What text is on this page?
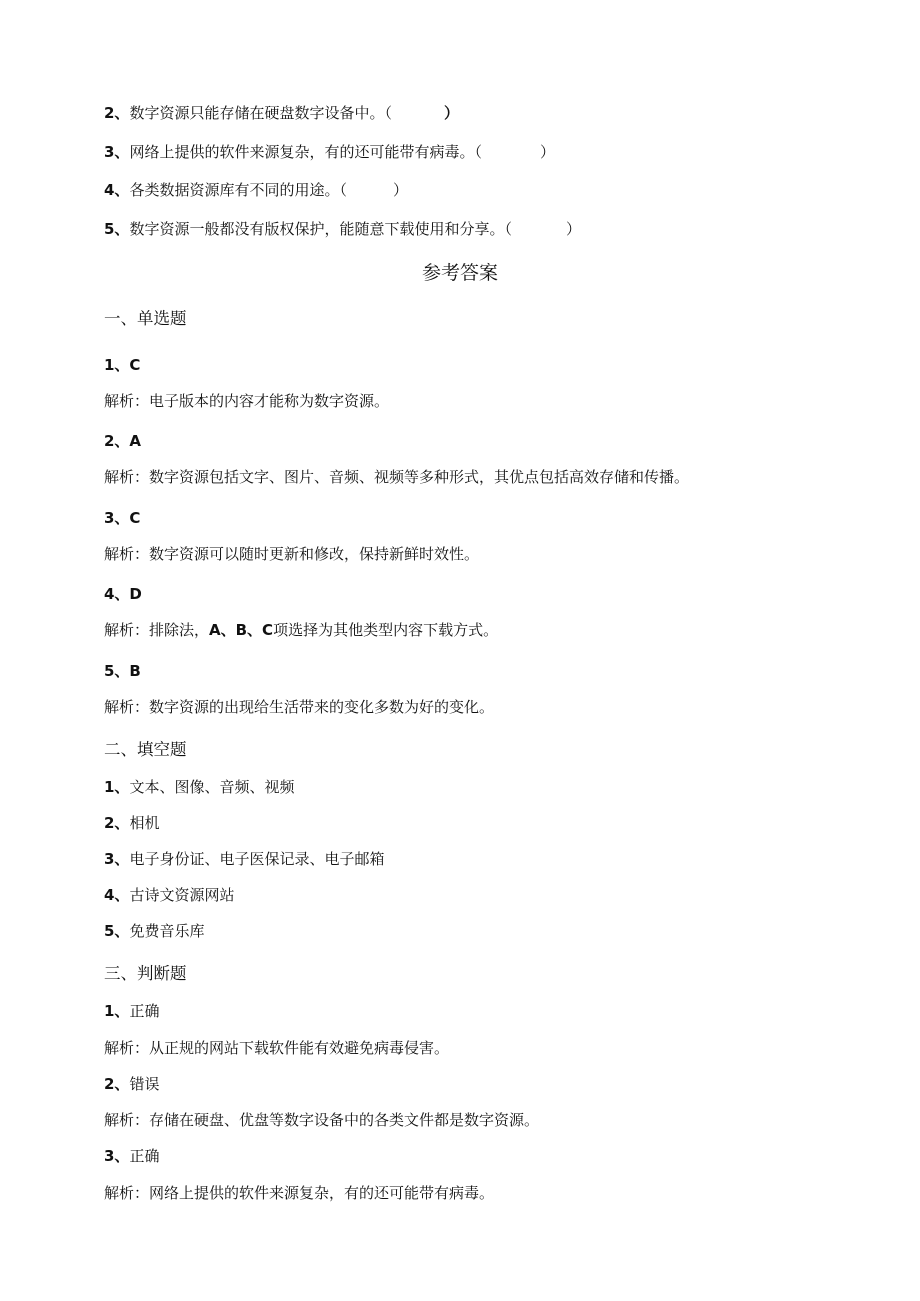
2、数字资源只能存储在硬盘数字设备中。（	）

3、网络上提供的软件来源复杂，有的还可能带有病毒。（	）

4、各类数据资源库有不同的用途。（	）

5、数字资源一般都没有版权保护，能随意下载使用和分享。（	）

参考答案

一、单选题

1、C

解析：电子版本的内容才能称为数字资源。

2、A

解析：数字资源包括文字、图片、音频、视频等多种形式，其优点包括高效存储和传播。

3、C

解析：数字资源可以随时更新和修改，保持新鲜时效性。

4、D

解析：排除法，A、B、C项选择为其他类型内容下载方式。

5、B

解析：数字资源的出现给生活带来的变化多数为好的变化。

二、填空题

1、文本、图像、音频、视频

2、相机

3、电子身份证、电子医保记录、电子邮箱

4、古诗文资源网站

5、免费音乐库

三、判断题

1、正确

解析：从正规的网站下载软件能有效避免病毒侵害。

2、错误

解析：存储在硬盘、优盘等数字设备中的各类文件都是数字资源。

3、正确

解析：网络上提供的软件来源复杂，有的还可能带有病毒。
